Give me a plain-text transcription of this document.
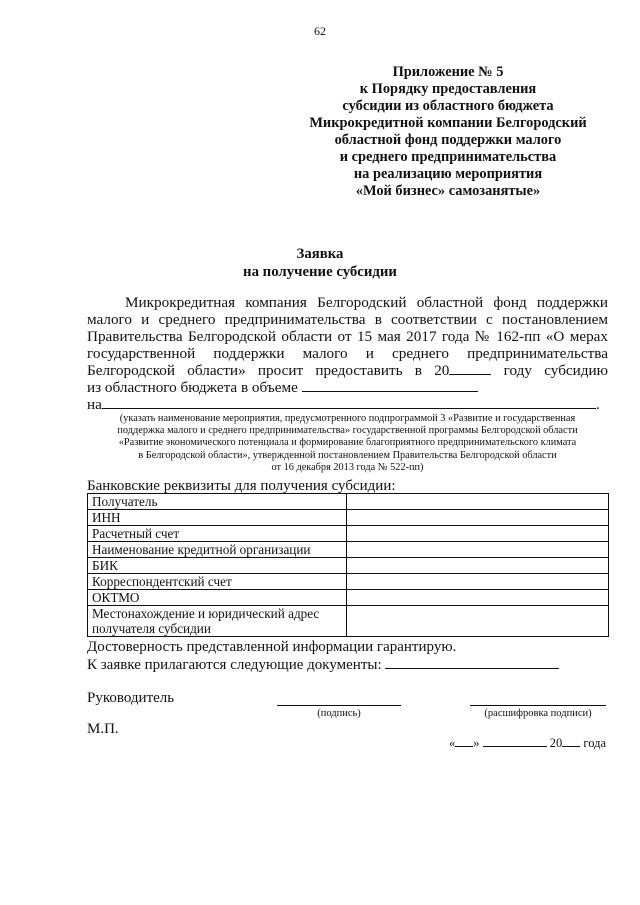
62
Приложение № 5
к Порядку предоставления
субсидии из областного бюджета
Микрокредитной компании Белгородский
областной фонд поддержки малого
и среднего предпринимательства
на реализацию мероприятия
«Мой бизнес» самозанятые»
Заявка
на получение субсидии
Микрокредитная компания Белгородский областной фонд поддержки
малого и среднего предпринимательства в соответствии с постановлением
Правительства Белгородской области от 15 мая 2017 года № 162-пп «О мерах
государственной поддержки малого и среднего предпринимательства
Белгородской области» просит предоставить в 20	году субсидию
из областного бюджета в объеме
на	.
(указать наименование мероприятия, предусмотренного подпрограммой 3 «Развитие и государственная
поддержка малого и среднего предпринимательства» государственной программы Белгородской области
«Развитие экономического потенциала и формирование благоприятного предпринимательского климата
в Белгородской области», утвержденной постановлением Правительства Белгородской области
от 16 декабря 2013 года № 522-пп)
Банковские реквизиты для получения субсидии:
Получатель	
ИНН	
Расчетный счет	
Наименование кредитной организации	
БИК	
Корреспондентский счет	
ОКТМО	

Местонахождение и юридический адрес
получателя субсидии	

Достоверность представленной информации гарантирую.
К заявке прилагаются следующие документы:
Руководитель
(подпись)	(расшифровка подписи)
М.П.
« »	20 года
